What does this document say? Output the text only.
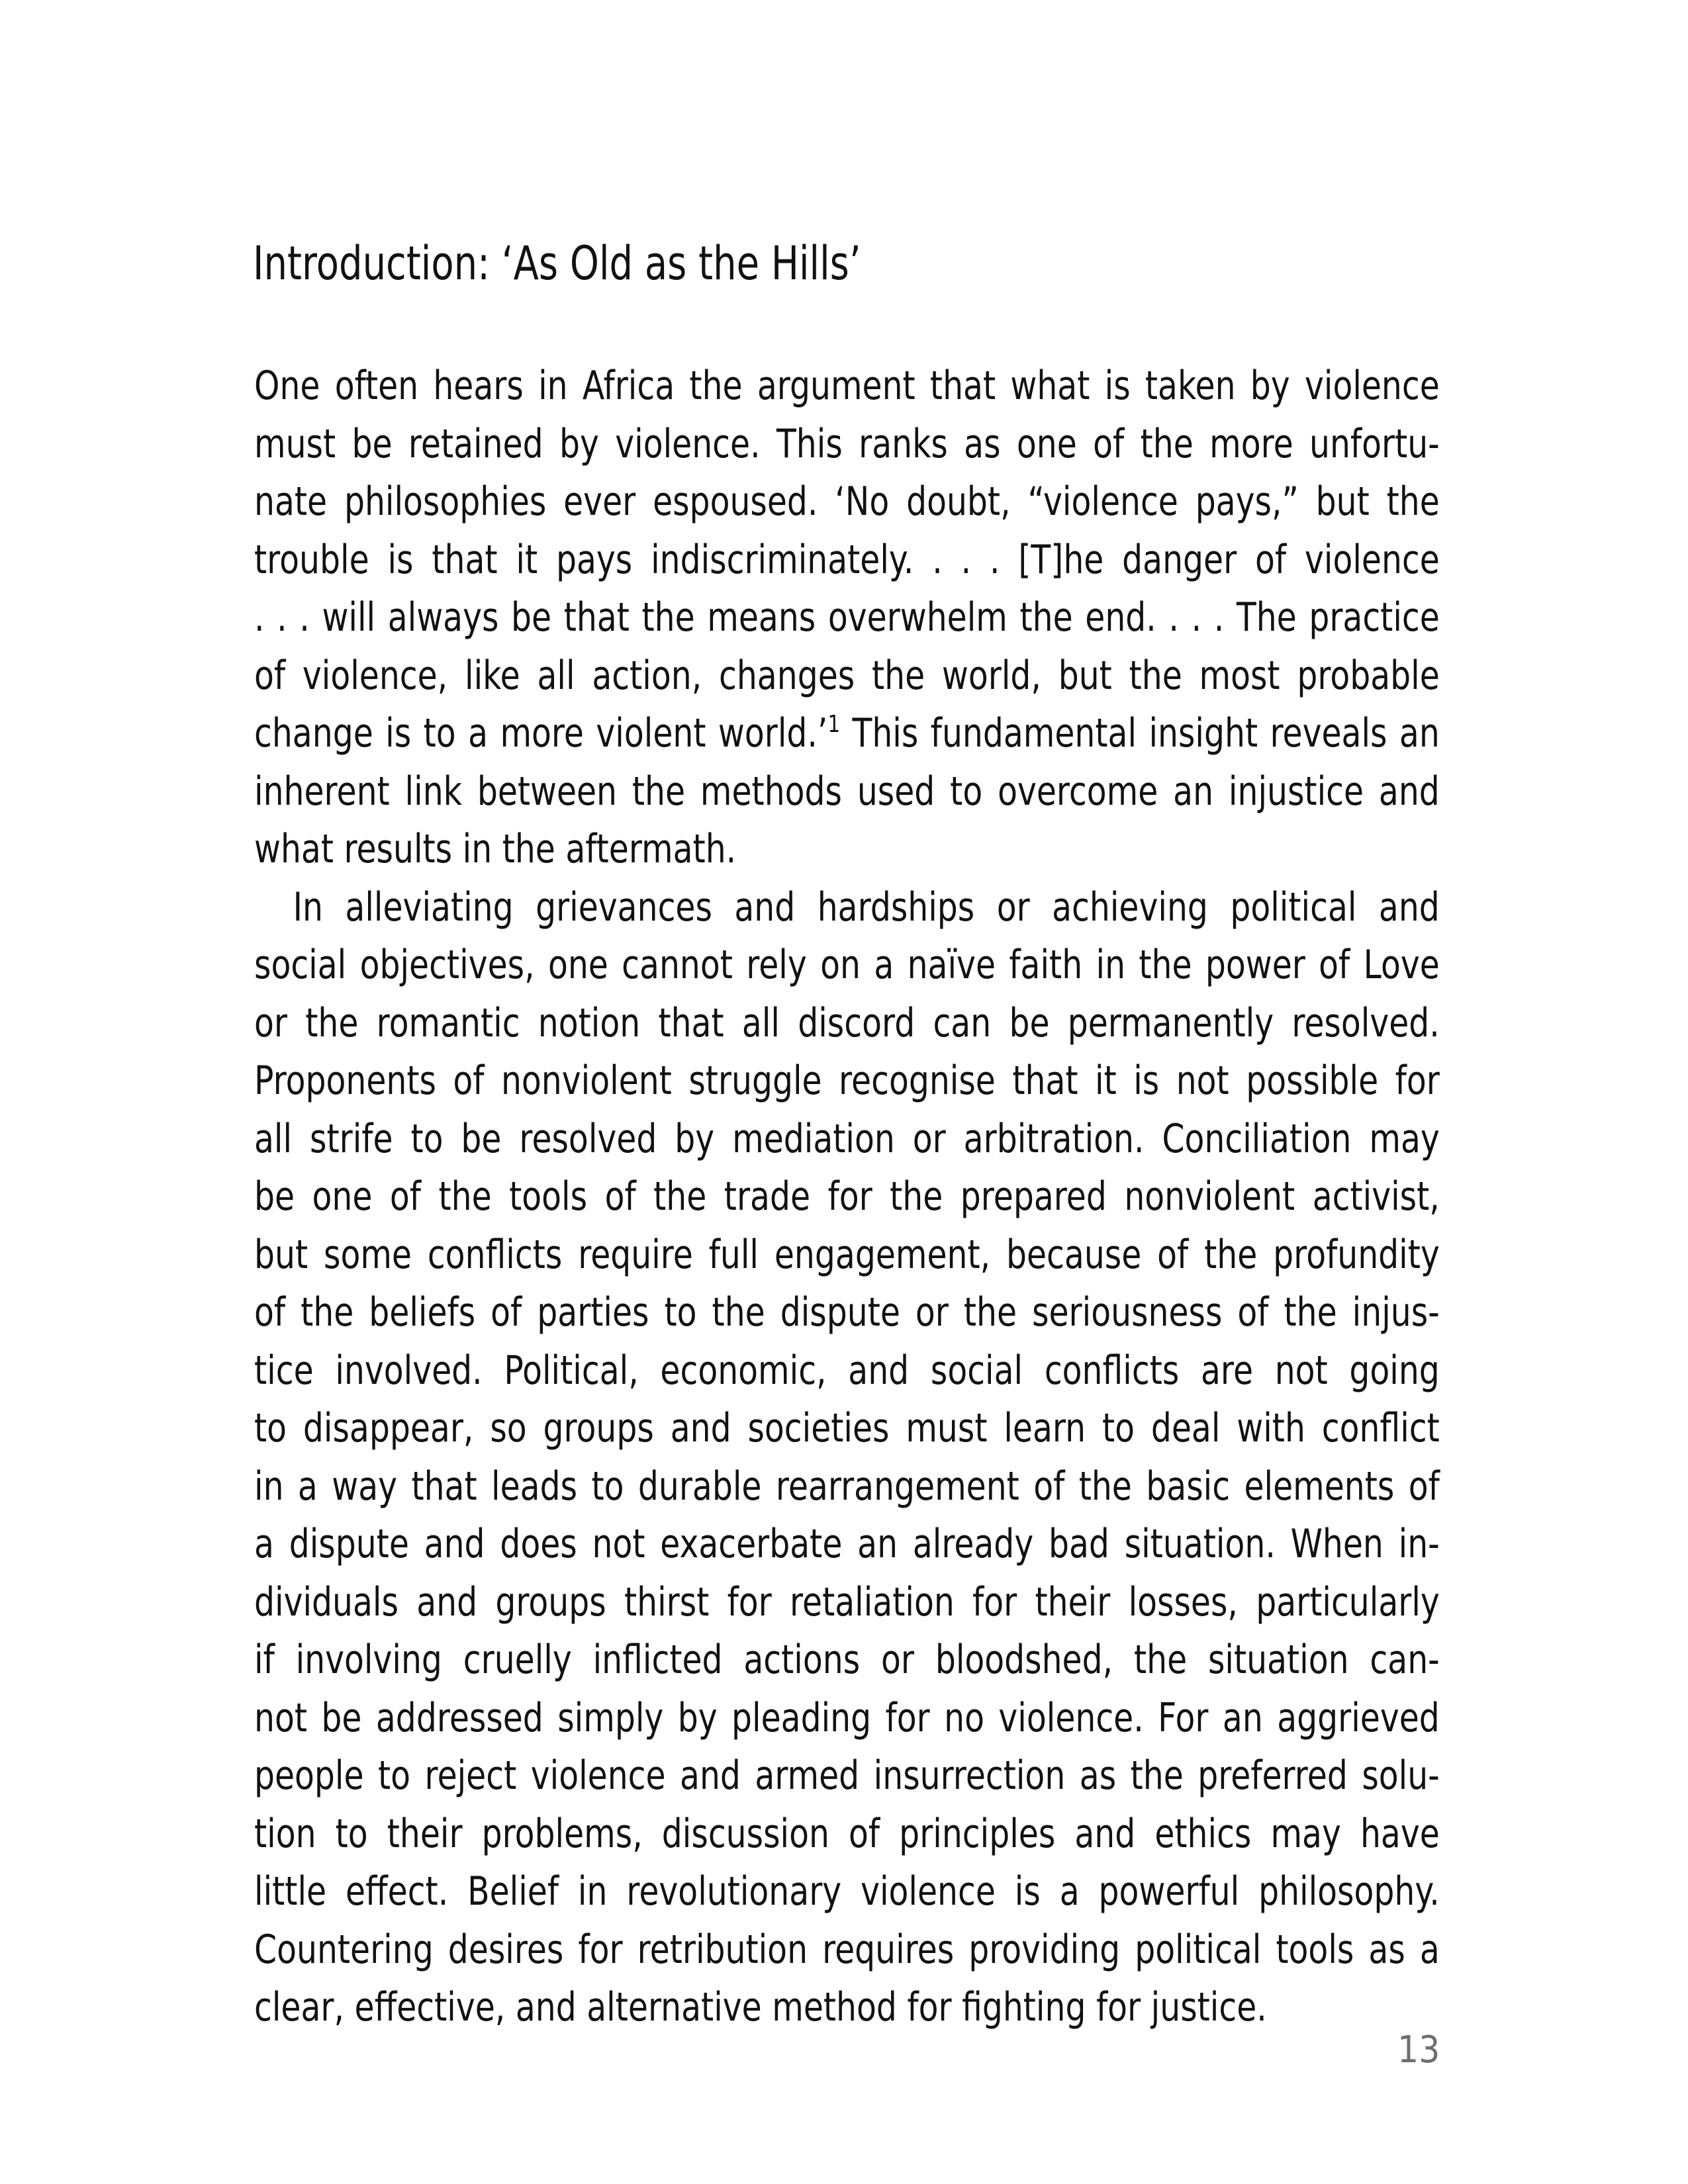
Introduction: ‘As Old as the Hills’
One often hears in Africa the argument that what is taken by violence
must be retained by violence. This ranks as one of the more unfortu-
nate philosophies ever espoused. ‘No doubt, “violence pays,” but the
trouble is that it pays indiscriminately. . . . [T]he danger of violence
. . . will always be that the means overwhelm the end. . . . The practice
of violence, like all action, changes the world, but the most probable
change is to a more violent world.’$^1$ This fundamental insight reveals an
inherent link between the methods used to overcome an injustice and
what results in the aftermath.
In alleviating grievances and hardships or achieving political and
social objectives, one cannot rely on a naïve faith in the power of Love
or the romantic notion that all discord can be permanently resolved.
Proponents of nonviolent struggle recognise that it is not possible for
all strife to be resolved by mediation or arbitration. Conciliation may
be one of the tools of the trade for the prepared nonviolent activist,
but some conflicts require full engagement, because of the profundity
of the beliefs of parties to the dispute or the seriousness of the injus-
tice involved. Political, economic, and social conflicts are not going
to disappear, so groups and societies must learn to deal with conflict
in a way that leads to durable rearrangement of the basic elements of
a dispute and does not exacerbate an already bad situation. When in-
dividuals and groups thirst for retaliation for their losses, particularly
if involving cruelly inflicted actions or bloodshed, the situation can-
not be addressed simply by pleading for no violence. For an aggrieved
people to reject violence and armed insurrection as the preferred solu-
tion to their problems, discussion of principles and ethics may have
little effect. Belief in revolutionary violence is a powerful philosophy.
Countering desires for retribution requires providing political tools as a
clear, effective, and alternative method for fighting for justice.
13
